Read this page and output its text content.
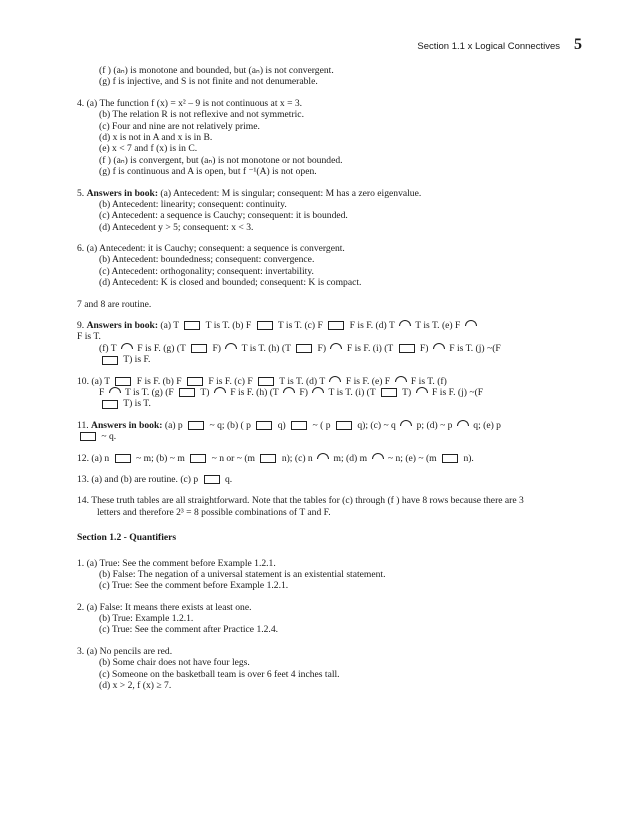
Section 1.1 x Logical Connectives 5
(f ) (aₙ) is monotone and bounded, but (aₙ) is not convergent.
(g) f is injective, and S is not finite and not denumerable.
4. (a) The function f (x) = x² – 9 is not continuous at x = 3.
(b) The relation R is not reflexive and not symmetric.
(c) Four and nine are not relatively prime.
(d) x is not in A and x is in B.
(e) x < 7 and f (x) is in C.
(f ) (aₙ) is convergent, but (aₙ) is not monotone or not bounded.
(g) f is continuous and A is open, but f ⁻¹(A) is not open.
5. Answers in book: (a) Antecedent: M is singular; consequent: M has a zero eigenvalue.
(b) Antecedent: linearity; consequent: continuity.
(c) Antecedent: a sequence is Cauchy; consequent: it is bounded.
(d) Antecedent y > 5; consequent: x < 3.
6. (a) Antecedent: it is Cauchy; consequent: a sequence is convergent.
(b) Antecedent: boundedness; consequent: convergence.
(c) Antecedent: orthogonality; consequent: invertability.
(d) Antecedent: K is closed and bounded; consequent: K is compact.
7 and 8 are routine.
9. Answers in book: (a) T  T is T. (b) F  T is T. (c) F  F is F. (d) T  T is T. (e) F
F is T.
(f) T  F is F. (g) (T  F)  T is T. (h) (T  F)  F is F. (i) (T  F)  F is T. (j) ~(F
T) is F.
10. (a) T  F is F. (b) F  F is F. (c) F  T is T. (d) T  F is F. (e) F  F is T. (f)
F  T is T. (g) (F  T)  F is F. (h) (T  F)  T is T. (i) (T  T)  F is F. (j) ~(F
T) is T.
11. Answers in book: (a) p  ~ q; (b) ( p  q)  ~ ( p  q); (c) ~ q  p; (d) ~ p  q; (e) p
~ q.
12. (a) n  ~ m; (b) ~ m  ~ n or ~ (m  n); (c) n  m; (d) m  ~ n; (e) ~ (m  n).
13. (a) and (b) are routine. (c) p  q.
14. These truth tables are all straightforward. Note that the tables for (c) through (f ) have 8 rows because there are 3
letters and therefore 2³ = 8 possible combinations of T and F.
Section 1.2 - Quantifiers
1. (a) True: See the comment before Example 1.2.1.
(b) False: The negation of a universal statement is an existential statement.
(c) True: See the comment before Example 1.2.1.
2. (a) False: It means there exists at least one.
(b) True: Example 1.2.1.
(c) True: See the comment after Practice 1.2.4.
3. (a) No pencils are red.
(b) Some chair does not have four legs.
(c) Someone on the basketball team is over 6 feet 4 inches tall.
(d) x > 2, f (x) ≥ 7.
